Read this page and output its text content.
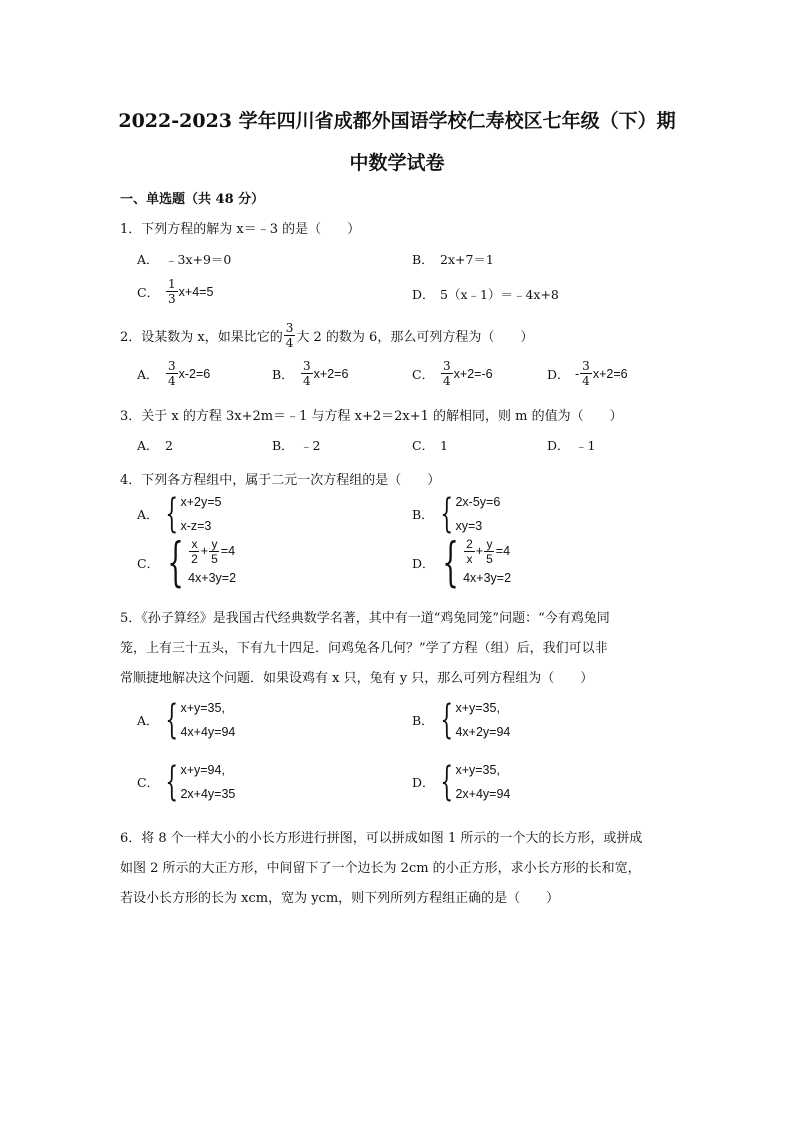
2022-2023 学年四川省成都外国语学校仁寿校区七年级（下）期
中数学试卷
一、单选题（共 48 分）
1．下列方程的解为 x＝﹣3 的是（　　）
A． ﹣3x+9＝0	B． 2x+7＝1
C． $\frac{1}{3} x+4=5$	D． 5（x﹣1）＝﹣4x+8
2．设某数为 x，如果比它的 $\frac{3}{4}$ 大 2 的数为 6，那么可列方程为（　　）
A． $\frac{3}{4} x-2=6$	B． $\frac{3}{4} x+2=6$	C． $\frac{3}{4} x+2=-6$	D． - $\frac{3}{4} x+2=6$
3．关于 x 的方程 3x+2m＝﹣1 与方程 x+2＝2x+1 的解相同，则 m 的值为（　　）
A． 2	B． ﹣2	C． 1	D． ﹣1
4．下列各方程组中，属于二元一次方程组的是（　　）
A． { x+2y=5
x-z=3
B． { 2x-5y=6
xy=3
C． { $\frac{x}{2} + \frac{y}{5} =4$
4x+3y=2
D． { $\frac{2}{x} + \frac{y}{5} =4$
4x+3y=2
5．《孙子算经》是我国古代经典数学名著，其中有一道“鸡兔同笼”问题：“今有鸡兔同
笼，上有三十五头，下有九十四足．问鸡兔各几何？”学了方程（组）后，我们可以非
常顺捷地解决这个问题．如果设鸡有 x 只，兔有 y 只，那么可列方程组为（　　）
A． { x+y=35,
4x+4y=94
B． { x+y=35,
4x+2y=94
C． { x+y=94,
2x+4y=35
D． { x+y=35,
2x+4y=94
6．将 8 个一样大小的小长方形进行拼图，可以拼成如图 1 所示的一个大的长方形，或拼成
如图 2 所示的大正方形，中间留下了一个边长为 2cm 的小正方形，求小长方形的长和宽，
若设小长方形的长为 xcm，宽为 ycm，则下列所列方程组正确的是（　　）
